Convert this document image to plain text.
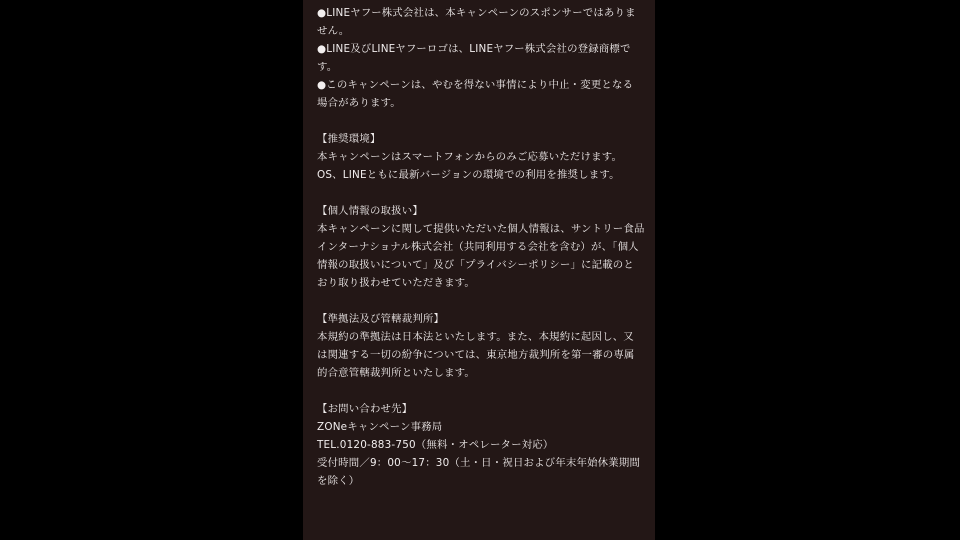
●LINEヤフー株式会社は、本キャンペーンのスポンサーではありま
せん。
●LINE及びLINEヤフーロゴは、LINEヤフー株式会社の登録商標で
す。
●このキャンペーンは、やむを得ない事情により中止・変更となる
場合があります。
【推奨環境】
本キャンペーンはスマートフォンからのみご応募いただけます。
OS、LINEともに最新バージョンの環境での利用を推奨します。
【個人情報の取扱い】
本キャンペーンに関して提供いただいた個人情報は、サントリー食品
インターナショナル株式会社（共同利用する会社を含む）が、「個人
情報の取扱いについて」及び「プライバシーポリシー」に記載のと
おり取り扱わせていただきます。
【準拠法及び管轄裁判所】
本規約の準拠法は日本法といたします。また、本規約に起因し、又
は関連する一切の紛争については、東京地方裁判所を第一審の専属
的合意管轄裁判所といたします。
【お問い合わせ先】
ZONeキャンペーン事務局
TEL.0120-883-750（無料・オペレーター対応）
受付時間／9：00〜17：30（土・日・祝日および年末年始休業期間
を除く）
